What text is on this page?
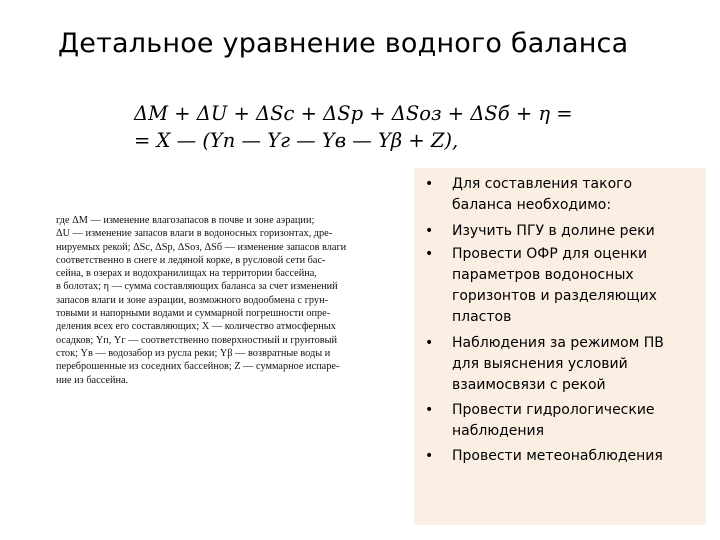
Детальное уравнение водного баланса
ΔM + ΔU + ΔSс + ΔSр + ΔSоз + ΔSб + η =
= X — (Yп — Yг — Yв — Yβ + Z),
где ΔM — изменение влагозапасов в почве и зоне аэрации;
ΔU — изменение запасов влаги в водоносных горизонтах, дре-
нируемых рекой; ΔSс, ΔSр, ΔSоз, ΔSб — изменение запасов влаги
соответственно в снеге и ледяной корке, в русловой сети бас-
сейна, в озерах и водохранилищах на территории бассейна,
в болотах; η — сумма составляющих баланса за счет изменений
запасов влаги и зоне аэрации, возможного водообмена с грун-
товыми и напорными водами и суммарной погрешности опре-
деления всех его составляющих; X — количество атмосферных
осадков; Yп, Yг — соответственно поверхностный и грунтовый
сток; Yв — водозабор из русла реки; Yβ — возвратные воды и
переброшенные из соседних бассейнов; Z — суммарное испаре-
ние из бассейна.
• Для составления такого
баланса необходимо:
• Изучить ПГУ в долине реки
• Провести ОФР для оценки
параметров водоносных
горизонтов и разделяющих
пластов
• Наблюдения за режимом ПВ
для выяснения условий
взаимосвязи с рекой
• Провести гидрологические
наблюдения
• Провести метеонаблюдения
